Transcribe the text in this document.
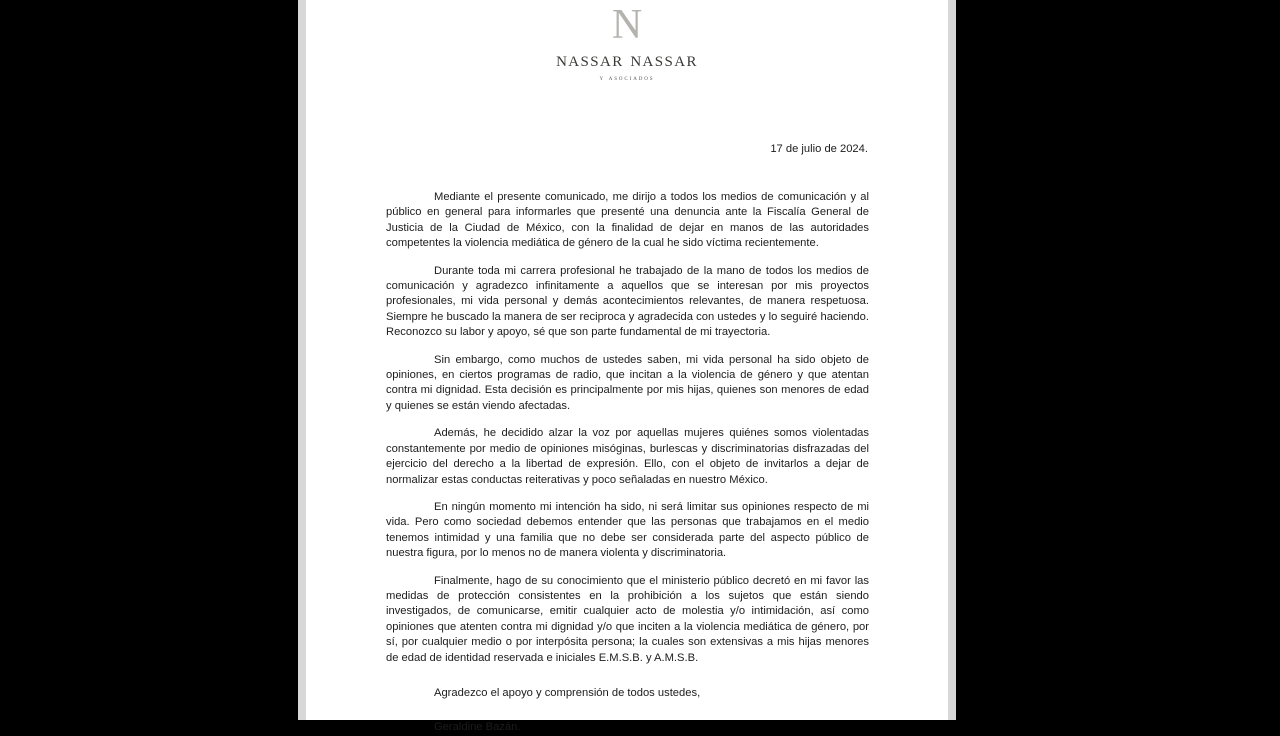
N
nassar nassar
y asociados
17 de julio de 2024.

Mediante el presente comunicado, me dirijo a todos los medios de comunicación y al público en general para informarles que presenté una denuncia ante la Fiscalía General de Justicia de la Ciudad de México, con la finalidad de dejar en manos de las autoridades competentes la violencia mediática de género de la cual he sido víctima recientemente.

Durante toda mi carrera profesional he trabajado de la mano de todos los medios de comunicación y agradezco infinitamente a aquellos que se interesan por mis proyectos profesionales, mi vida personal y demás acontecimientos relevantes, de manera respetuosa. Siempre he buscado la manera de ser reciproca y agradecida con ustedes y lo seguiré haciendo. Reconozco su labor y apoyo, sé que son parte fundamental de mi trayectoria.

Sin embargo, como muchos de ustedes saben, mi vida personal ha sido objeto de opiniones, en ciertos programas de radio, que incitan a la violencia de género y que atentan contra mi dignidad. Esta decisión es principalmente por mis hijas, quienes son menores de edad y quienes se están viendo afectadas.

Además, he decidido alzar la voz por aquellas mujeres quiénes somos violentadas constantemente por medio de opiniones misóginas, burlescas y discriminatorias disfrazadas del ejercicio del derecho a la libertad de expresión. Ello, con el objeto de invitarlos a dejar de normalizar estas conductas reiterativas y poco señaladas en nuestro México.

En ningún momento mi intención ha sido, ni será limitar sus opiniones respecto de mi vida. Pero como sociedad debemos entender que las personas que trabajamos en el medio tenemos intimidad y una familia que no debe ser considerada parte del aspecto público de nuestra figura, por lo menos no de manera violenta y discriminatoria.

Finalmente, hago de su conocimiento que el ministerio público decretó en mi favor las medidas de protección consistentes en la prohibición a los sujetos que están siendo investigados, de comunicarse, emitir cualquier acto de molestia y/o intimidación, así como opiniones que atenten contra mi dignidad y/o que inciten a la violencia mediática de género, por sí, por cualquier medio o por interpósita persona; la cuales son extensivas a mis hijas menores de edad de identidad reservada e iniciales E.M.S.B. y A.M.S.B.

Agradezco el apoyo y comprensión de todos ustedes,

Geraldine Bazán.
